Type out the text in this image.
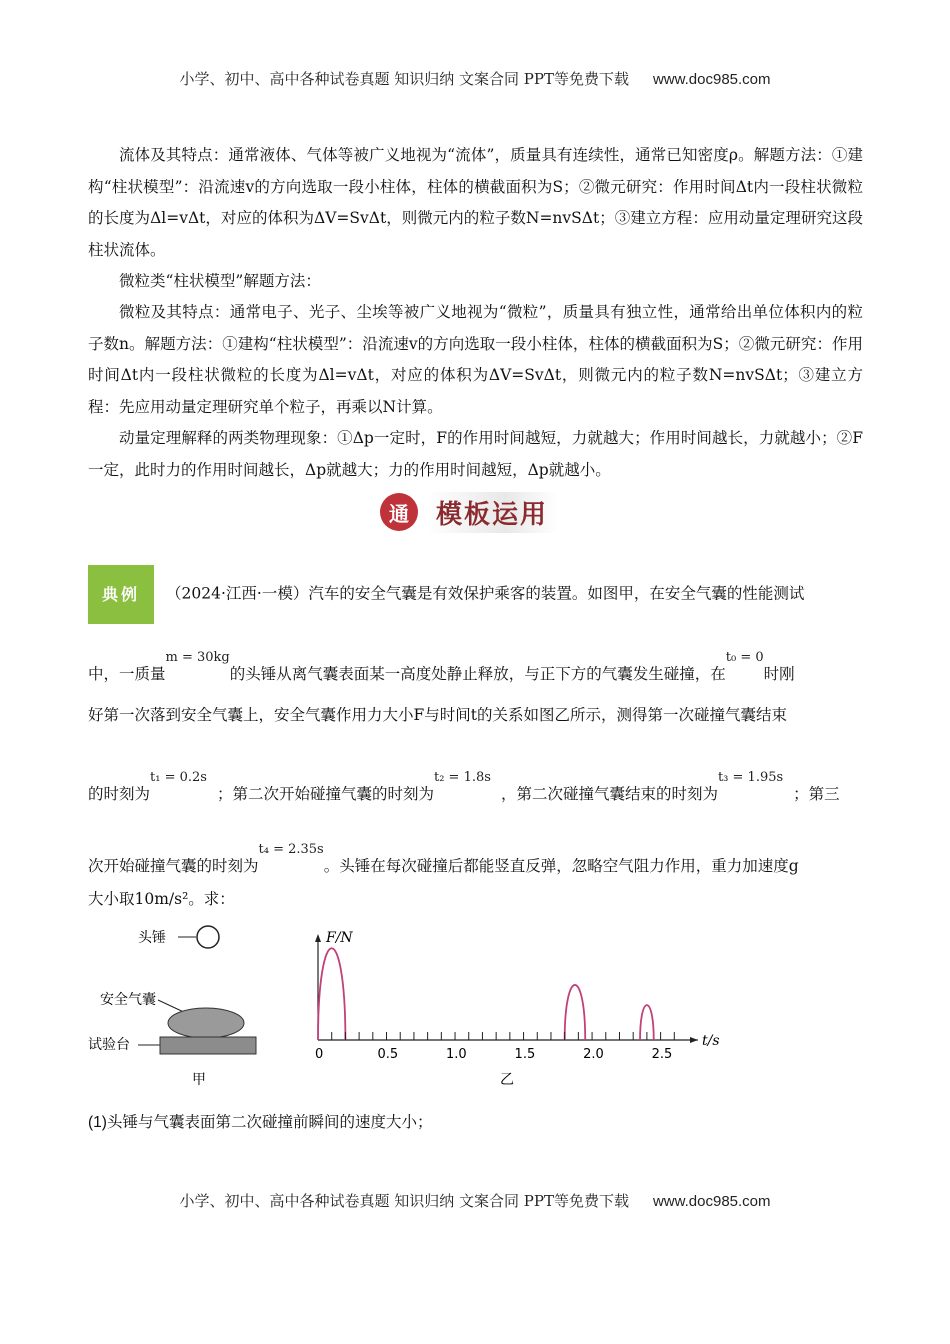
小学、初中、高中各种试卷真题 知识归纳 文案合同 PPT等免费下载 www.doc985.com

流体及其特点：通常液体、气体等被广义地视为“流体”，质量具有连续性，通常已知密度ρ。解题方法：①建构“柱状模型”：沿流速v的方向选取一段小柱体，柱体的横截面积为S；②微元研究：作用时间Δt内一段柱状微粒的长度为Δl=vΔt，对应的体积为ΔV=SvΔt，则微元内的粒子数N=nvSΔt；③建立方程：应用动量定理研究这段柱状流体。

微粒类“柱状模型”解题方法：

微粒及其特点：通常电子、光子、尘埃等被广义地视为“微粒”，质量具有独立性，通常给出单位体积内的粒子数n。解题方法：①建构“柱状模型”：沿流速v的方向选取一段小柱体，柱体的横截面积为S；②微元研究：作用时间Δt内一段柱状微粒的长度为Δl=vΔt，对应的体积为ΔV=SvΔt，则微元内的粒子数N=nvSΔt；③建立方程：先应用动量定理研究单个粒子，再乘以N计算。

动量定理解释的两类物理现象：①Δp一定时，F的作用时间越短，力就越大；作用时间越长，力就越小；②F一定，此时力的作用时间越长，Δp就越大；力的作用时间越短，Δp就越小。

通	模板运用
典例 （2024·江西·一模）汽车的安全气囊是有效保护乘客的装置。如图甲，在安全气囊的性能测试
中，一质量$^{m = 30kg}$的头锤从离气囊表面某一高度处静止释放，与正下方的气囊发生碰撞，在$^{t_0 = 0}$时刚
好第一次落到安全气囊上，安全气囊作用力大小F与时间t的关系如图乙所示，测得第一次碰撞气囊结束
的时刻为$^{t_1 = 0.2s}$；第二次开始碰撞气囊的时刻为$^{t_2 = 1.8s}$，第二次碰撞气囊结束的时刻为$^{t_3 = 1.95s}$；第三
次开始碰撞气囊的时刻为$^{t_4 = 2.35s}$。头锤在每次碰撞后都能竖直反弹，忽略空气阻力作用，重力加速度g
大小取10m/s²。求：
头锤
安全气囊
试验台
甲
0	0.5	1.0	1.5	2.0	2.5
F/N
t/s
乙
(1)头锤与气囊表面第二次碰撞前瞬间的速度大小；
小学、初中、高中各种试卷真题 知识归纳 文案合同 PPT等免费下载 www.doc985.com
